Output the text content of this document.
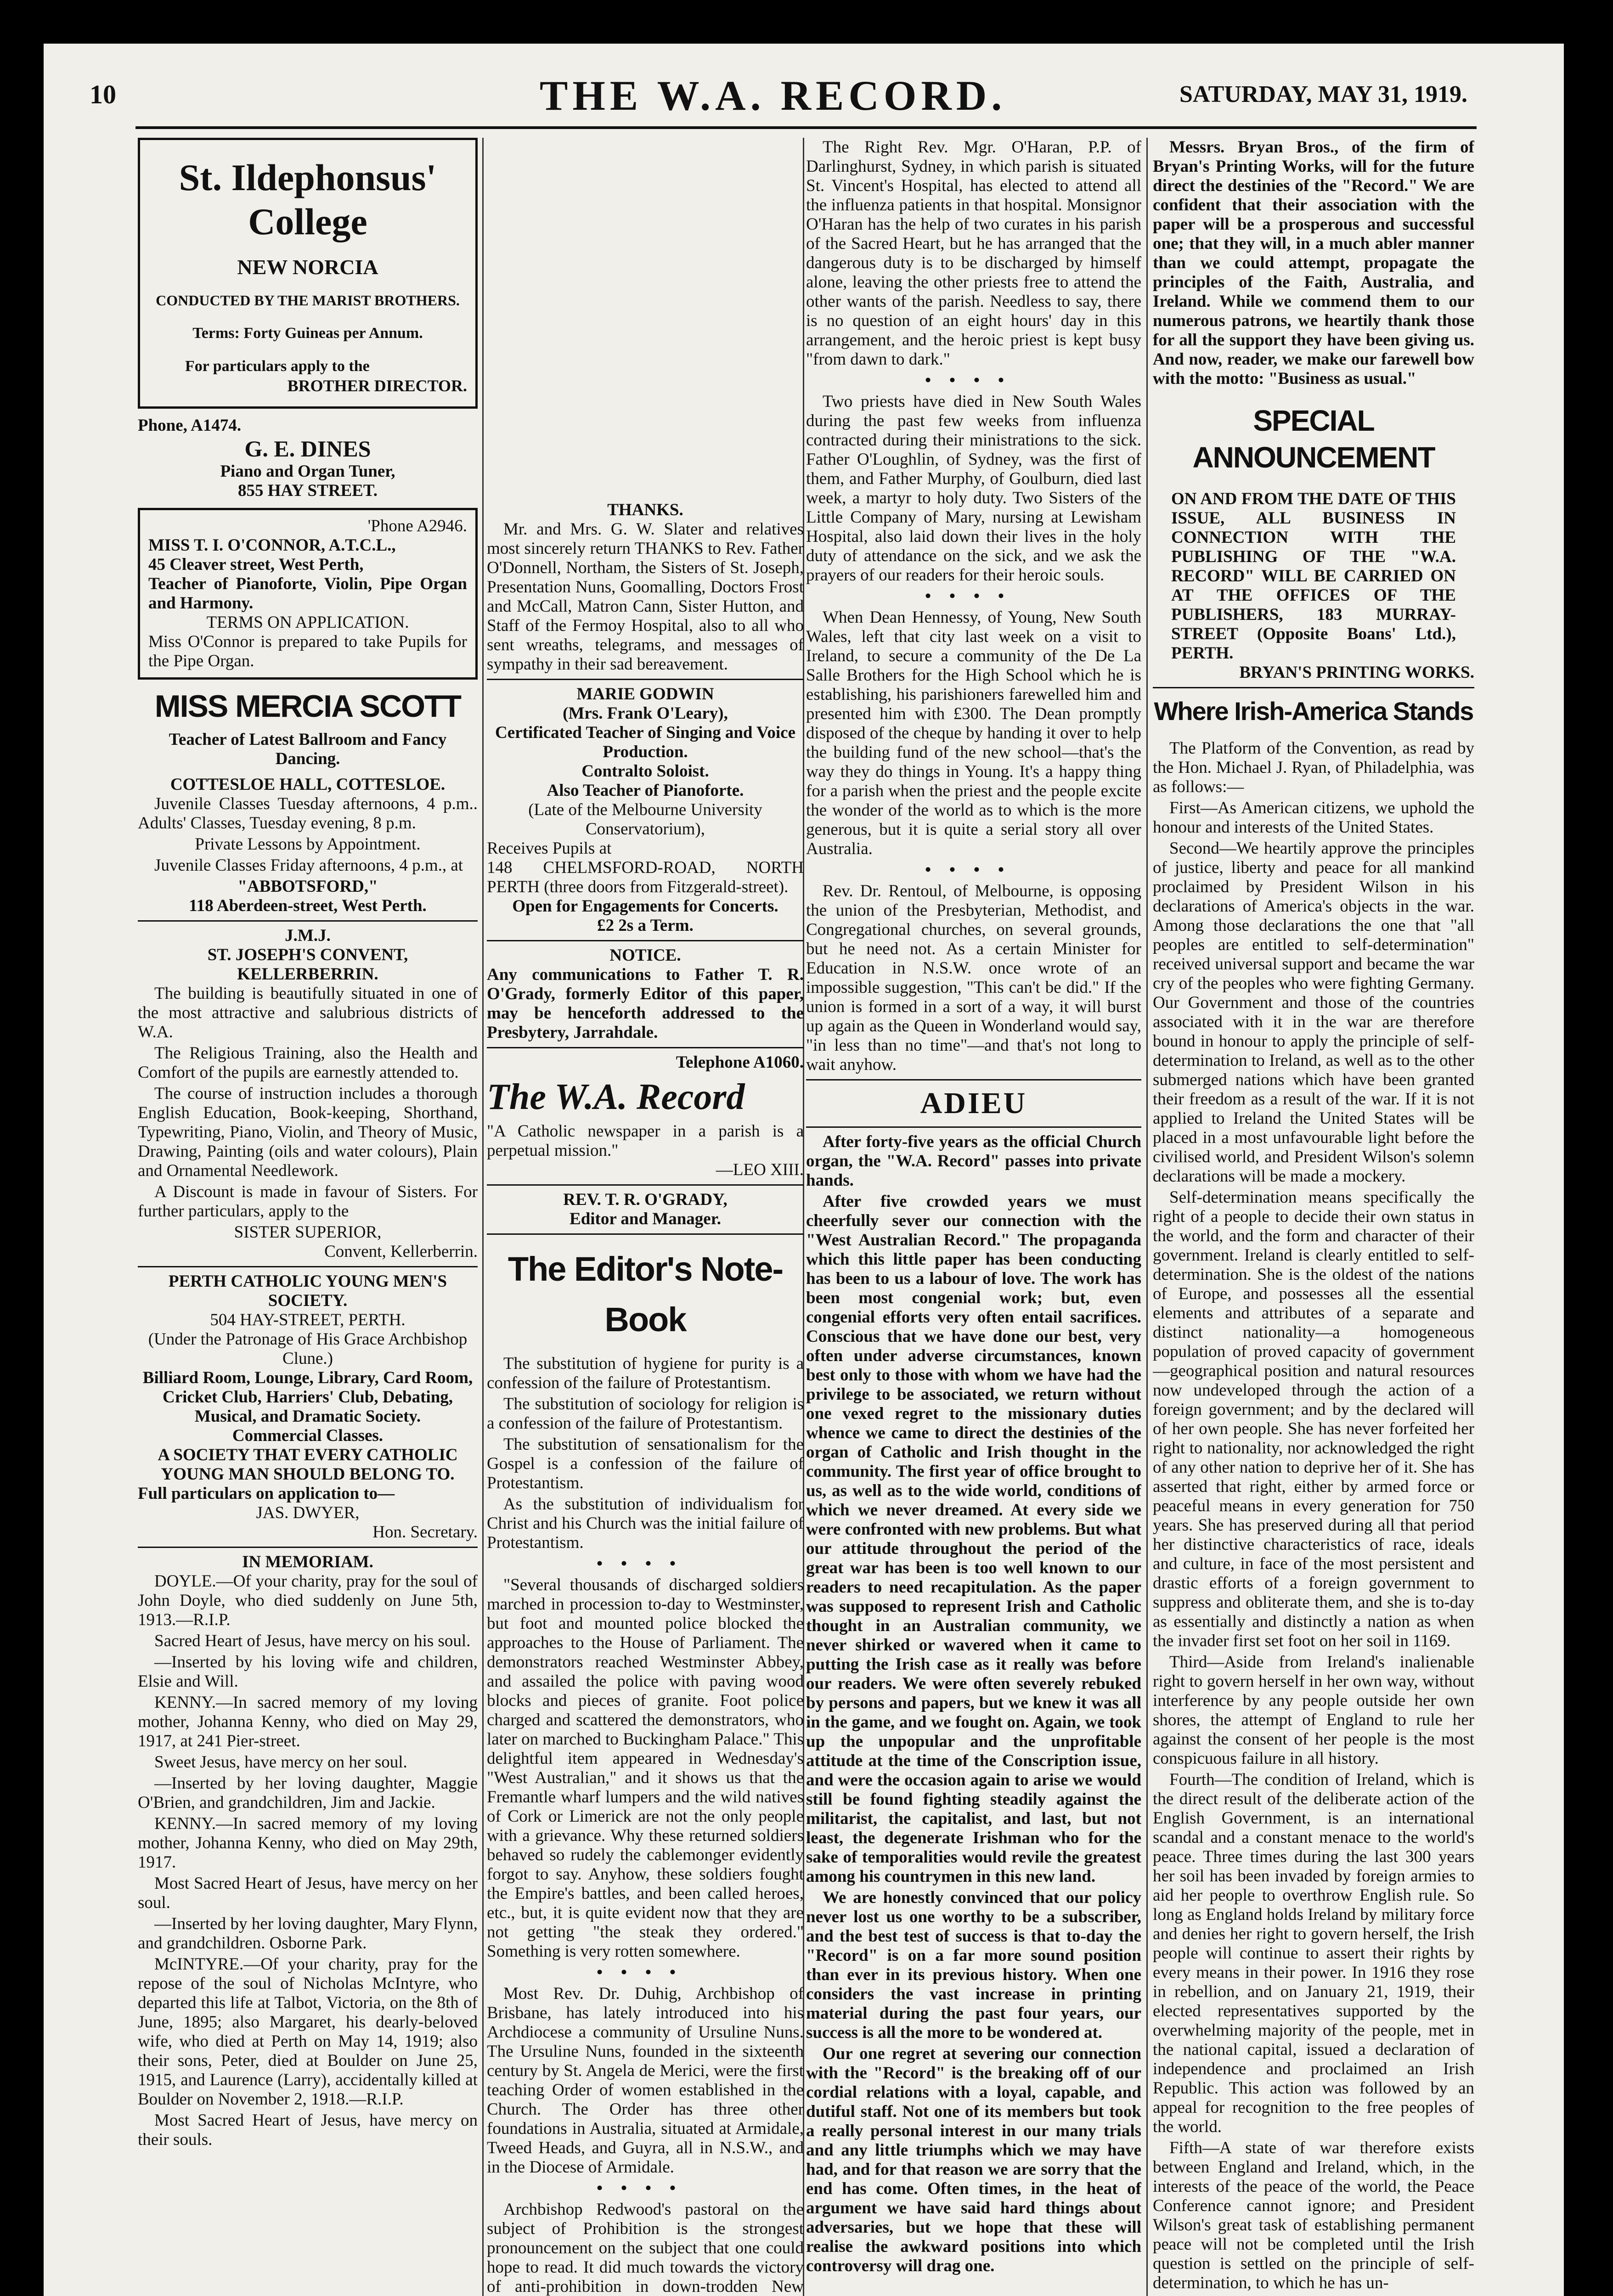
10	THE W.A. RECORD.	SATURDAY, MAY 31, 1919.
St. Ildephonsus' College
NEW NORCIA
CONDUCTED BY THE MARIST BROTHERS.
Terms: Forty Guineas per Annum.
For particulars apply to the
BROTHER DIRECTOR.
Phone, A1474.
G. E. DINES
Piano and Organ Tuner,
855 HAY STREET.
'Phone A2946.
MISS T. I. O'CONNOR, A.T.C.L.,
45 Cleaver street, West Perth,
Teacher of Pianoforte, Violin, Pipe Organ and Harmony.
TERMS ON APPLICATION.
Miss O'Connor is prepared to take Pupils for the Pipe Organ.
MISS MERCIA SCOTT
Teacher of Latest Ballroom and Fancy Dancing.
COTTESLOE HALL, COTTESLOE.

Juvenile Classes Tuesday afternoons, 4 p.m.. Adults' Classes, Tuesday evening, 8 p.m.

Private Lessons by Appointment.

Juvenile Classes Friday afternoons, 4 p.m., at

"ABBOTSFORD,"
118 Aberdeen-street, West Perth.
J.M.J.
ST. JOSEPH'S CONVENT, KELLERBERRIN.

The building is beautifully situated in one of the most attractive and salubrious districts of W.A.

The Religious Training, also the Health and Comfort of the pupils are earnestly attended to.

The course of instruction includes a thorough English Education, Book-keeping, Shorthand, Typewriting, Piano, Violin, and Theory of Music, Drawing, Painting (oils and water colours), Plain and Ornamental Needlework.

A Discount is made in favour of Sisters. For further particulars, apply to the

SISTER SUPERIOR,
Convent, Kellerberrin.
PERTH CATHOLIC YOUNG MEN'S SOCIETY.
504 HAY-STREET, PERTH.
(Under the Patronage of His Grace Archbishop Clune.)
Billiard Room, Lounge, Library, Card Room, Cricket Club, Harriers' Club, Debating, Musical, and Dramatic Society.
Commercial Classes.
A SOCIETY THAT EVERY CATHOLIC YOUNG MAN SHOULD BELONG TO.
Full particulars on application to—
JAS. DWYER,
Hon. Secretary.
IN MEMORIAM.

DOYLE.—Of your charity, pray for the soul of John Doyle, who died suddenly on June 5th, 1913.—R.I.P.

Sacred Heart of Jesus, have mercy on his soul.

—Inserted by his loving wife and children, Elsie and Will.

KENNY.—In sacred memory of my loving mother, Johanna Kenny, who died on May 29, 1917, at 241 Pier-street.

Sweet Jesus, have mercy on her soul.

—Inserted by her loving daughter, Maggie O'Brien, and grandchildren, Jim and Jackie.

KENNY.—In sacred memory of my loving mother, Johanna Kenny, who died on May 29th, 1917.

Most Sacred Heart of Jesus, have mercy on her soul.

—Inserted by her loving daughter, Mary Flynn, and grandchildren. Osborne Park.

McINTYRE.—Of your charity, pray for the repose of the soul of Nicholas McIntyre, who departed this life at Talbot, Victoria, on the 8th of June, 1895; also Margaret, his dearly-beloved wife, who died at Perth on May 14, 1919; also their sons, Peter, died at Boulder on June 25, 1915, and Laurence (Larry), accidentally killed at Boulder on November 2, 1918.—R.I.P.

Most Sacred Heart of Jesus, have mercy on their souls.

THANKS.

Mr. and Mrs. G. W. Slater and relatives most sincerely return THANKS to Rev. Father O'Donnell, Northam, the Sisters of St. Joseph, Presentation Nuns, Goomalling, Doctors Frost and McCall, Matron Cann, Sister Hutton, and Staff of the Fermoy Hospital, also to all who sent wreaths, telegrams, and messages of sympathy in their sad bereavement.

MARIE GODWIN
(Mrs. Frank O'Leary),
Certificated Teacher of Singing and Voice Production.
Contralto Soloist.
Also Teacher of Pianoforte.
(Late of the Melbourne University Conservatorium),
Receives Pupils at
148 CHELMSFORD-ROAD, NORTH PERTH (three doors from Fitzgerald-street).
Open for Engagements for Concerts.
£2 2s a Term.
NOTICE.
Any communications to Father T. R. O'Grady, formerly Editor of this paper, may be henceforth addressed to the Presbytery, Jarrahdale.
Telephone A1060.
The W.A. Record
"A Catholic newspaper in a parish is a perpetual mission."
—LEO XIII.
REV. T. R. O'GRADY,
Editor and Manager.
The Editor's Note-Book

The substitution of hygiene for purity is a confession of the failure of Protestantism.

The substitution of sociology for religion is a confession of the failure of Protestantism.

The substitution of sensationalism for the Gospel is a confession of the failure of Protestantism.

As the substitution of individualism for Christ and his Church was the initial failure of Protestantism.

••••

"Several thousands of discharged soldiers marched in procession to-day to Westminster, but foot and mounted police blocked the approaches to the House of Parliament. The demonstrators reached Westminster Abbey, and assailed the police with paving wood blocks and pieces of granite. Foot police charged and scattered the demonstrators, who later on marched to Buckingham Palace." This delightful item appeared in Wednesday's "West Australian," and it shows us that the Fremantle wharf lumpers and the wild natives of Cork or Limerick are not the only people with a grievance. Why these returned soldiers behaved so rudely the cablemonger evidently forgot to say. Anyhow, these soldiers fought the Empire's battles, and been called heroes, etc., but, it is quite evident now that they are not getting "the steak they ordered." Something is very rotten somewhere.

••••

Most Rev. Dr. Duhig, Archbishop of Brisbane, has lately introduced into his Archdiocese a community of Ursuline Nuns. The Ursuline Nuns, founded in the sixteenth century by St. Angela de Merici, were the first teaching Order of women established in the Church. The Order has three other foundations in Australia, situated at Armidale, Tweed Heads, and Guyra, all in N.S.W., and in the Diocese of Armidale.

••••

Archbishop Redwood's pastoral on the subject of Prohibition is the strongest pronouncement on the subject that one could hope to read. It did much towards the victory of anti-prohibition in down-trodden New

The Right Rev. Mgr. O'Haran, P.P. of Darlinghurst, Sydney, in which parish is situated St. Vincent's Hospital, has elected to attend all the influenza patients in that hospital. Monsignor O'Haran has the help of two curates in his parish of the Sacred Heart, but he has arranged that the dangerous duty is to be discharged by himself alone, leaving the other priests free to attend the other wants of the parish. Needless to say, there is no question of an eight hours' day in this arrangement, and the heroic priest is kept busy "from dawn to dark."

••••

Two priests have died in New South Wales during the past few weeks from influenza contracted during their ministrations to the sick. Father O'Loughlin, of Sydney, was the first of them, and Father Murphy, of Goulburn, died last week, a martyr to holy duty. Two Sisters of the Little Company of Mary, nursing at Lewisham Hospital, also laid down their lives in the holy duty of attendance on the sick, and we ask the prayers of our readers for their heroic souls.

••••

When Dean Hennessy, of Young, New South Wales, left that city last week on a visit to Ireland, to secure a community of the De La Salle Brothers for the High School which he is establishing, his parishioners farewelled him and presented him with £300. The Dean promptly disposed of the cheque by handing it over to help the building fund of the new school—that's the way they do things in Young. It's a happy thing for a parish when the priest and the people excite the wonder of the world as to which is the more generous, but it is quite a serial story all over Australia.

••••

Rev. Dr. Rentoul, of Melbourne, is opposing the union of the Presbyterian, Methodist, and Congregational churches, on several grounds, but he need not. As a certain Minister for Education in N.S.W. once wrote of an impossible suggestion, "This can't be did." If the union is formed in a sort of a way, it will burst up again as the Queen in Wonderland would say, "in less than no time"—and that's not long to wait anyhow.

ADIEU

After forty-five years as the official Church organ, the "W.A. Record" passes into private hands.

After five crowded years we must cheerfully sever our connection with the "West Australian Record." The propaganda which this little paper has been conducting has been to us a labour of love. The work has been most congenial work; but, even congenial efforts very often entail sacrifices. Conscious that we have done our best, very often under adverse circumstances, known best only to those with whom we have had the privilege to be associated, we return without one vexed regret to the missionary duties whence we came to direct the destinies of the organ of Catholic and Irish thought in the community. The first year of office brought to us, as well as to the wide world, conditions of which we never dreamed. At every side we were confronted with new problems. But what our attitude throughout the period of the great war has been is too well known to our readers to need recapitulation. As the paper was supposed to represent Irish and Catholic thought in an Australian community, we never shirked or wavered when it came to putting the Irish case as it really was before our readers. We were often severely rebuked by persons and papers, but we knew it was all in the game, and we fought on. Again, we took up the unpopular and the unprofitable attitude at the time of the Conscription issue, and were the occasion again to arise we would still be found fighting steadily against the militarist, the capitalist, and last, but not least, the degenerate Irishman who for the sake of temporalities would revile the greatest among his countrymen in this new land.

We are honestly convinced that our policy never lost us one worthy to be a subscriber, and the best test of success is that to-day the "Record" is on a far more sound position than ever in its previous history. When one considers the vast increase in printing material during the past four years, our success is all the more to be wondered at.

Our one regret at severing our connection with the "Record" is the breaking off of our cordial relations with a loyal, capable, and dutiful staff. Not one of its members but took a really personal interest in our many trials and any little triumphs which we may have had, and for that reason we are sorry that the end has come. Often times, in the heat of argument we have said hard things about adversaries, but we hope that these will realise the awkward positions into which controversy will drag one.

Messrs. Bryan Bros., of the firm of Bryan's Printing Works, will for the future direct the destinies of the "Record." We are confident that their association with the paper will be a prosperous and successful one; that they will, in a much abler manner than we could attempt, propagate the principles of the Faith, Australia, and Ireland. While we commend them to our numerous patrons, we heartily thank those for all the support they have been giving us. And now, reader, we make our farewell bow with the motto: "Business as usual."

SPECIAL ANNOUNCEMENT
ON AND FROM THE DATE OF THIS ISSUE, ALL BUSINESS IN CONNECTION WITH THE PUBLISHING OF THE "W.A. RECORD" WILL BE CARRIED ON AT THE OFFICES OF THE PUBLISHERS, 183 MURRAY-STREET (Opposite Boans' Ltd.), PERTH.
BRYAN'S PRINTING WORKS.
Where Irish-America Stands

The Platform of the Convention, as read by the Hon. Michael J. Ryan, of Philadelphia, was as follows:—

First—As American citizens, we uphold the honour and interests of the United States.

Second—We heartily approve the principles of justice, liberty and peace for all mankind proclaimed by President Wilson in his declarations of America's objects in the war. Among those declarations the one that "all peoples are entitled to self-determination" received universal support and became the war cry of the peoples who were fighting Germany. Our Government and those of the countries associated with it in the war are therefore bound in honour to apply the principle of self-determination to Ireland, as well as to the other submerged nations which have been granted their freedom as a result of the war. If it is not applied to Ireland the United States will be placed in a most unfavourable light before the civilised world, and President Wilson's solemn declarations will be made a mockery.

Self-determination means specifically the right of a people to decide their own status in the world, and the form and character of their government. Ireland is clearly entitled to self-determination. She is the oldest of the nations of Europe, and possesses all the essential elements and attributes of a separate and distinct nationality—a homogeneous population of proved capacity of government—geographical position and natural resources now undeveloped through the action of a foreign government; and by the declared will of her own people. She has never forfeited her right to nationality, nor acknowledged the right of any other nation to deprive her of it. She has asserted that right, either by armed force or peaceful means in every generation for 750 years. She has preserved during all that period her distinctive characteristics of race, ideals and culture, in face of the most persistent and drastic efforts of a foreign government to suppress and obliterate them, and she is to-day as essentially and distinctly a nation as when the invader first set foot on her soil in 1169.

Third—Aside from Ireland's inalienable right to govern herself in her own way, without interference by any people outside her own shores, the attempt of England to rule her against the consent of her people is the most conspicuous failure in all history.

Fourth—The condition of Ireland, which is the direct result of the deliberate action of the English Government, is an international scandal and a constant menace to the world's peace. Three times during the last 300 years her soil has been invaded by foreign armies to aid her people to overthrow English rule. So long as England holds Ireland by military force and denies her right to govern herself, the Irish people will continue to assert their rights by every means in their power. In 1916 they rose in rebellion, and on January 21, 1919, their elected representatives supported by the overwhelming majority of the people, met in the national capital, issued a declaration of independence and proclaimed an Irish Republic. This action was followed by an appeal for recognition to the free peoples of the world.

Fifth—A state of war therefore exists between England and Ireland, which, in the interests of the peace of the world, the Peace Conference cannot ignore; and President Wilson's great task of establishing permanent peace will not be completed until the Irish question is settled on the principle of self-determination, to which he has un-
